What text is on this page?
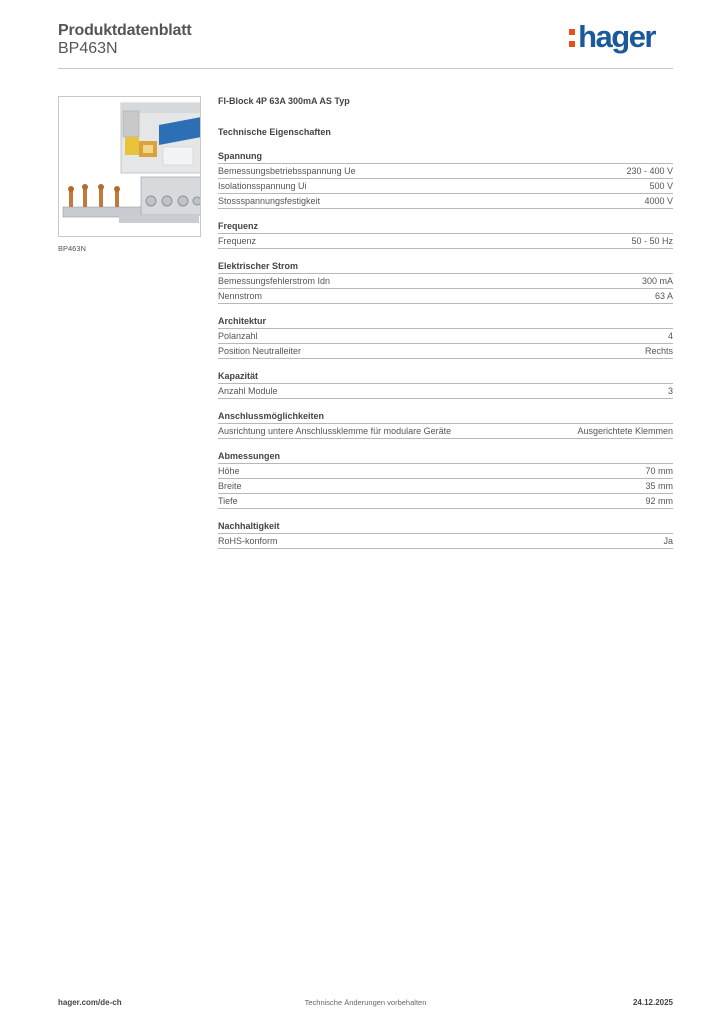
Produktdatenblatt
BP463N	hager
BP463N
FI-Block 4P 63A 300mA AS Typ
Technische Eigenschaften
Spannung
Bemessungsbetriebsspannung Ue	230 - 400 V
Isolationsspannung Ui	500 V
Stossspannungsfestigkeit	4000 V
Frequenz
Frequenz	50 - 50 Hz
Elektrischer Strom
Bemessungsfehlerstrom Idn	300 mA
Nennstrom	63 A
Architektur
Polanzahl	4
Position Neutralleiter	Rechts
Kapazität
Anzahl Module	3
Anschlussmöglichkeiten
Ausrichtung untere Anschlussklemme für modulare Geräte	Ausgerichtete Klemmen
Abmessungen
Höhe	70 mm
Breite	35 mm
Tiefe	92 mm
Nachhaltigkeit
RoHS-konform	Ja
hager.com/de-ch	Technische Änderungen vorbehalten	24.12.2025
